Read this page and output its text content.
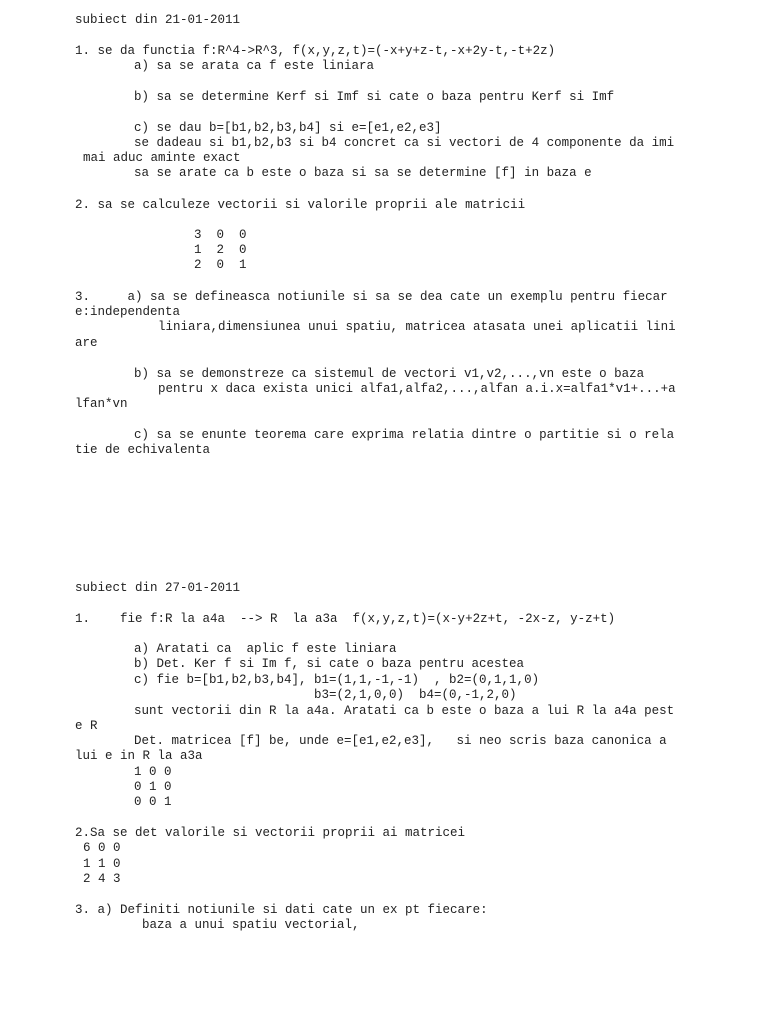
subiect din 21-01-2011
1. se da functia f:R^4->R^3, f(x,y,z,t)=(-x+y+z-t,-x+2y-t,-t+2z)
a) sa se arata ca f este liniara
b) sa se determine Kerf si Imf si cate o baza pentru Kerf si Imf
c) se dau b=[b1,b2,b3,b4] si e=[e1,e2,e3]
se dadeau si b1,b2,b3 si b4 concret ca si vectori de 4 componente da imi
mai aduc aminte exact
sa se arate ca b este o baza si sa se determine [f] in baza e
2. sa se calculeze vectorii si valorile proprii ale matricii
3  0  0
1  2  0
2  0  1
3.     a) sa se defineasca notiunile si sa se dea cate un exemplu pentru fiecar
e:independenta
liniara,dimensiunea unui spatiu, matricea atasata unei aplicatii lini
are
b) sa se demonstreze ca sistemul de vectori v1,v2,...,vn este o baza
pentru x daca exista unici alfa1,alfa2,...,alfan a.i.x=alfa1*v1+...+a
lfan*vn
c) sa se enunte teorema care exprima relatia dintre o partitie si o rela
tie de echivalenta
subiect din 27-01-2011
1.    fie f:R la a4a  --> R  la a3a  f(x,y,z,t)=(x-y+2z+t, -2x-z, y-z+t)
a) Aratati ca  aplic f este liniara
b) Det. Ker f si Im f, si cate o baza pentru acestea
c) fie b=[b1,b2,b3,b4], b1=(1,1,-1,-1)  , b2=(0,1,1,0)
b3=(2,1,0,0)  b4=(0,-1,2,0)
sunt vectorii din R la a4a. Aratati ca b este o baza a lui R la a4a pest
e R
Det. matricea [f] be, unde e=[e1,e2,e3],   si neo scris baza canonica a
lui e in R la a3a
1 0 0
0 1 0
0 0 1
2.Sa se det valorile si vectorii proprii ai matricei
6 0 0
1 1 0
2 4 3
3. a) Definiti notiunile si dati cate un ex pt fiecare:
baza a unui spatiu vectorial,
